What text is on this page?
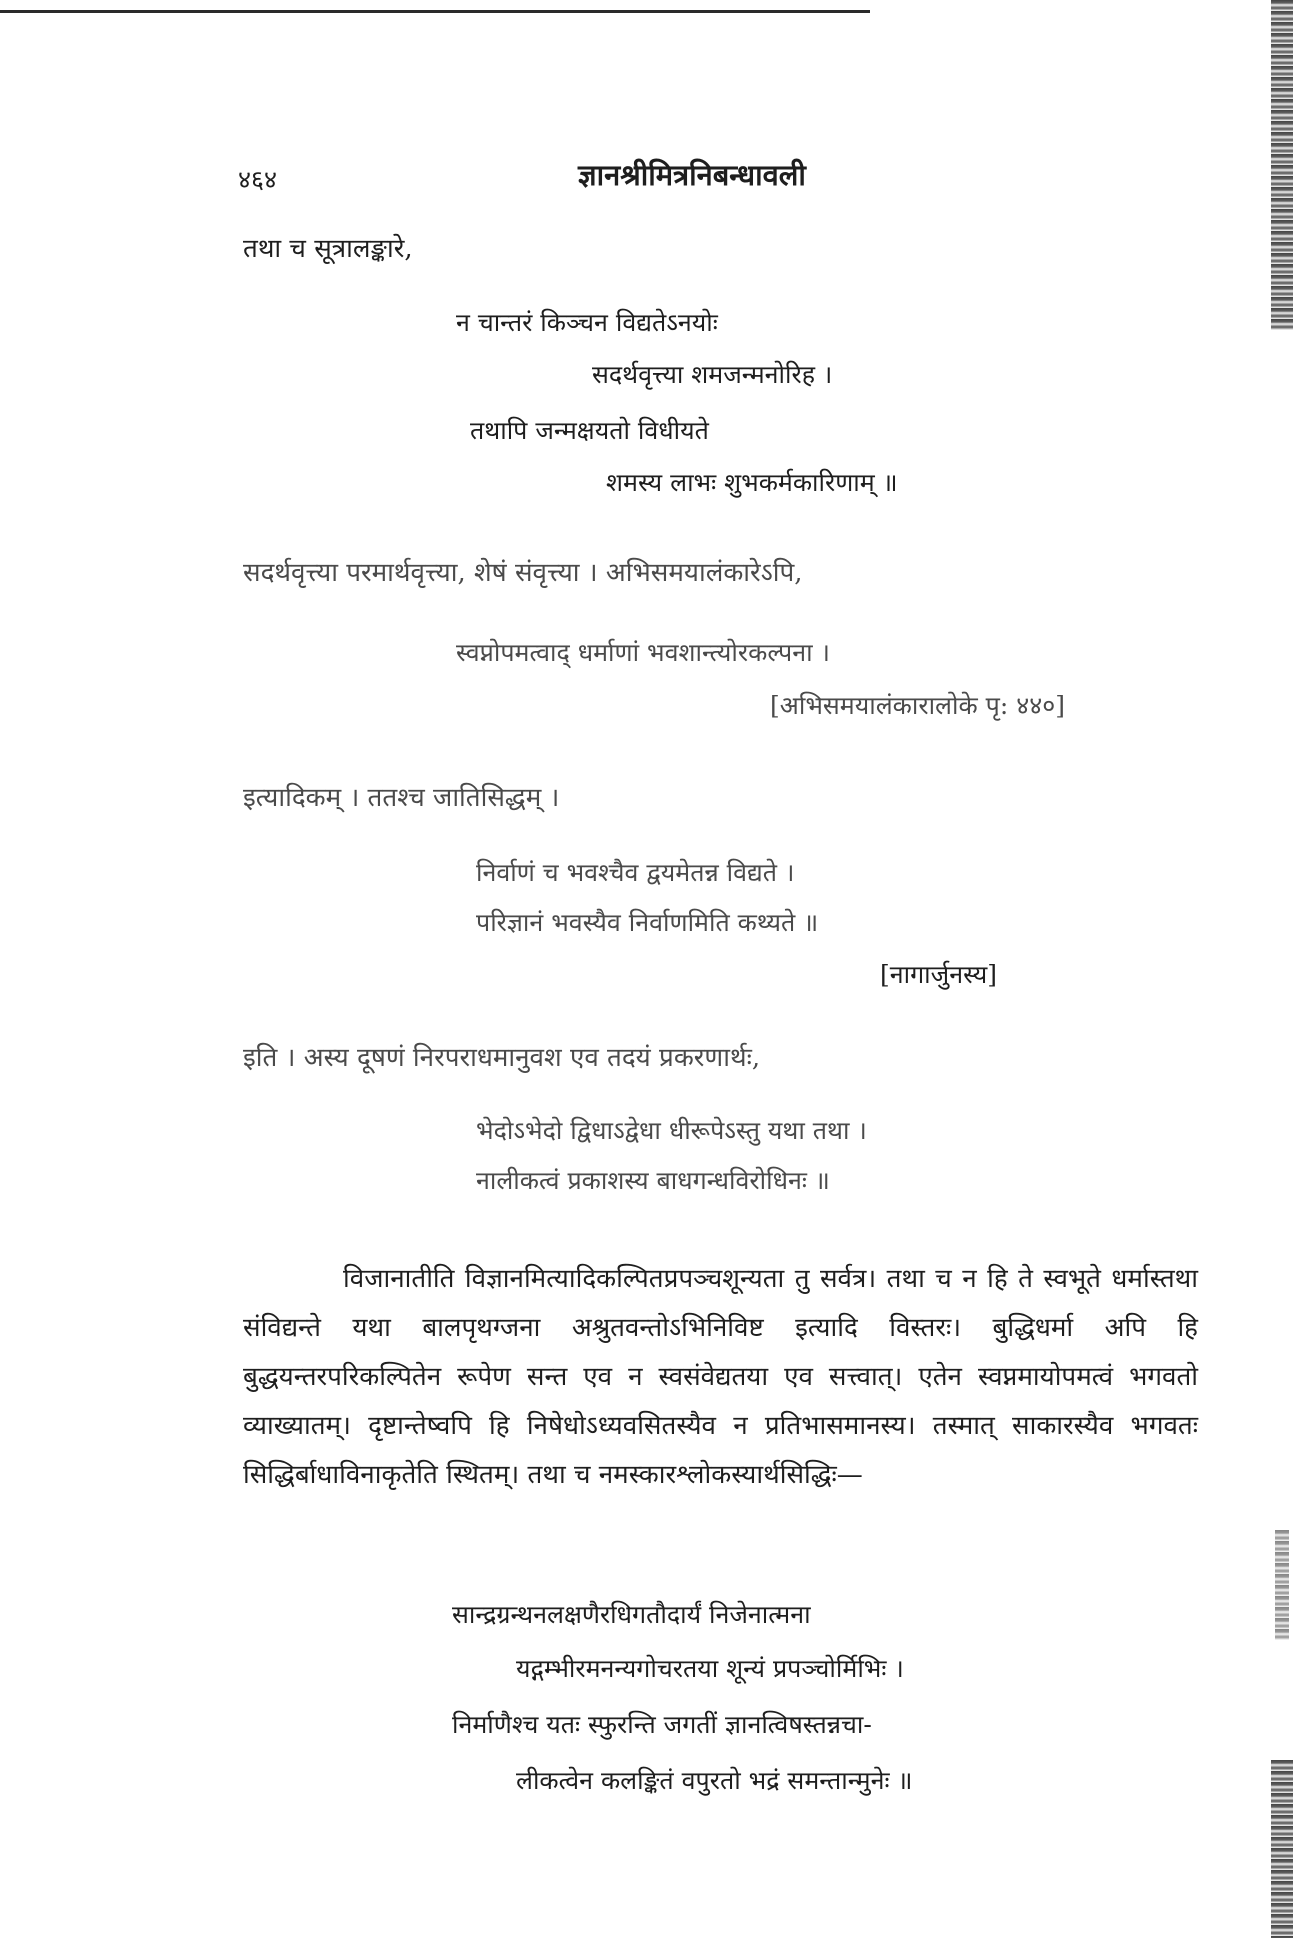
४६४	ज्ञानश्रीमित्रनिबन्धावली
तथा च सूत्रालङ्कारे,
न चान्तरं किञ्चन विद्यतेऽनयोः
सदर्थवृत्त्या शमजन्मनोरिह ।
तथापि जन्मक्षयतो विधीयते
शमस्य लाभः शुभकर्मकारिणाम् ॥
सदर्थवृत्त्या परमार्थवृत्त्या, शेषं संवृत्त्या । अभिसमयालंकारेऽपि,
स्वप्नोपमत्वाद् धर्माणां भवशान्त्योरकल्पना ।
[अभिसमयालंकारालोके पृ: ४४०]
इत्यादिकम् । ततश्च जातिसिद्धम् ।
निर्वाणं च भवश्चैव द्वयमेतन्न विद्यते ।
परिज्ञानं भवस्यैव निर्वाणमिति कथ्यते ॥
[नागार्जुनस्य]
इति । अस्य दूषणं निरपराधमानुवश एव तदयं प्रकरणार्थः,
भेदोऽभेदो द्विधाऽद्वेधा धीरूपेऽस्तु यथा तथा ।
नालीकत्वं प्रकाशस्य बाधगन्धविरोधिनः ॥

विजानातीति विज्ञानमित्यादिकल्पितप्रपञ्चशून्यता तु सर्वत्र। तथा च न हि ते स्वभूते धर्मास्तथा संविद्यन्ते यथा बालपृथग्जना अश्रुतवन्तोऽभिनिविष्ट इत्यादि विस्तरः। बुद्धिधर्मा अपि हि बुद्धयन्तरपरिकल्पितेन रूपेण सन्त एव न स्वसंवेद्यतया एव सत्त्वात्। एतेन स्वप्नमायोपमत्वं भगवतो व्याख्यातम्। दृष्टान्तेष्वपि हि निषेधोऽध्यवसितस्यैव न प्रतिभासमानस्य। तस्मात् साकारस्यैव भगवतः सिद्धिर्बाधाविनाकृतेति स्थितम्। तथा च नमस्कारश्लोकस्यार्थसिद्धिः—

सान्द्रग्रन्थनलक्षणैरधिगतौदार्यं निजेनात्मना
यद्गम्भीरमनन्यगोचरतया शून्यं प्रपञ्चोर्मिभिः ।
निर्माणैश्च यतः स्फुरन्ति जगतीं ज्ञानत्विषस्तन्नचा-
लीकत्वेन कलङ्कितं वपुरतो भद्रं समन्तान्मुनेः ॥
